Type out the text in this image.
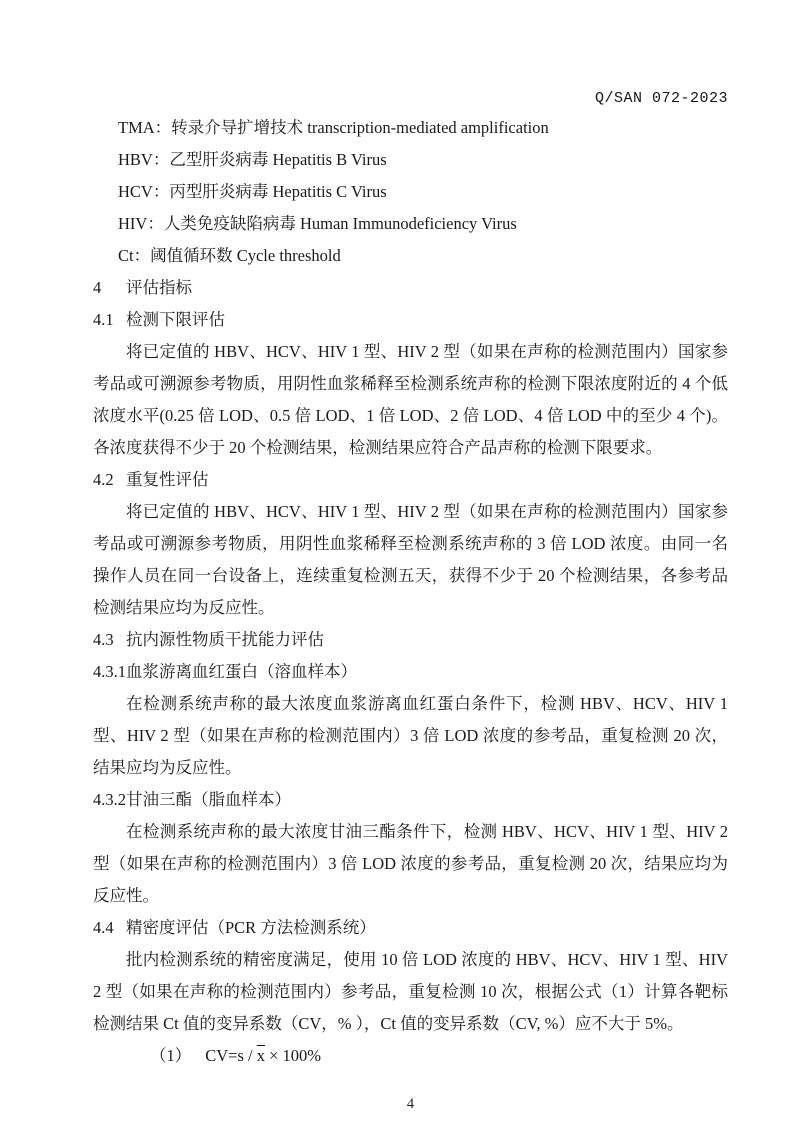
Q/SAN 072-2023
TMA：转录介导扩增技术 transcription-mediated amplification
HBV：乙型肝炎病毒 Hepatitis B Virus
HCV：丙型肝炎病毒 Hepatitis C Virus
HIV：人类免疫缺陷病毒 Human Immunodeficiency Virus
Ct：阈值循环数 Cycle threshold
4 评估指标
4.1 检测下限评估

将已定值的 HBV、HCV、HIV 1 型、HIV 2 型（如果在声称的检测范围内）国家参考品或可溯源参考物质，用阴性血浆稀释至检测系统声称的检测下限浓度附近的 4 个低浓度水平(0.25 倍 LOD、0.5 倍 LOD、1 倍 LOD、2 倍 LOD、4 倍 LOD 中的至少 4 个)。各浓度获得不少于 20 个检测结果，检测结果应符合产品声称的检测下限要求。

4.2 重复性评估

将已定值的 HBV、HCV、HIV 1 型、HIV 2 型（如果在声称的检测范围内）国家参考品或可溯源参考物质，用阴性血浆稀释至检测系统声称的 3 倍 LOD 浓度。由同一名操作人员在同一台设备上，连续重复检测五天，获得不少于 20 个检测结果，各参考品检测结果应均为反应性。

4.3 抗内源性物质干扰能力评估
4.3.1血浆游离血红蛋白（溶血样本）

在检测系统声称的最大浓度血浆游离血红蛋白条件下，检测 HBV、HCV、HIV 1 型、HIV 2 型（如果在声称的检测范围内）3 倍 LOD 浓度的参考品，重复检测 20 次，结果应均为反应性。

4.3.2甘油三酯（脂血样本）

在检测系统声称的最大浓度甘油三酯条件下，检测 HBV、HCV、HIV 1 型、HIV 2 型（如果在声称的检测范围内）3 倍 LOD 浓度的参考品，重复检测 20 次，结果应均为反应性。

4.4 精密度评估（PCR 方法检测系统）

批内检测系统的精密度满足，使用 10 倍 LOD 浓度的 HBV、HCV、HIV 1 型、HIV 2 型（如果在声称的检测范围内）参考品，重复检测 10 次，根据公式（1）计算各靶标检测结果 Ct 值的变异系数（CV，% ），Ct 值的变异系数（CV, %）应不大于 5%。

（1） $CV=s / \overline{x} \times 100\%$
4
